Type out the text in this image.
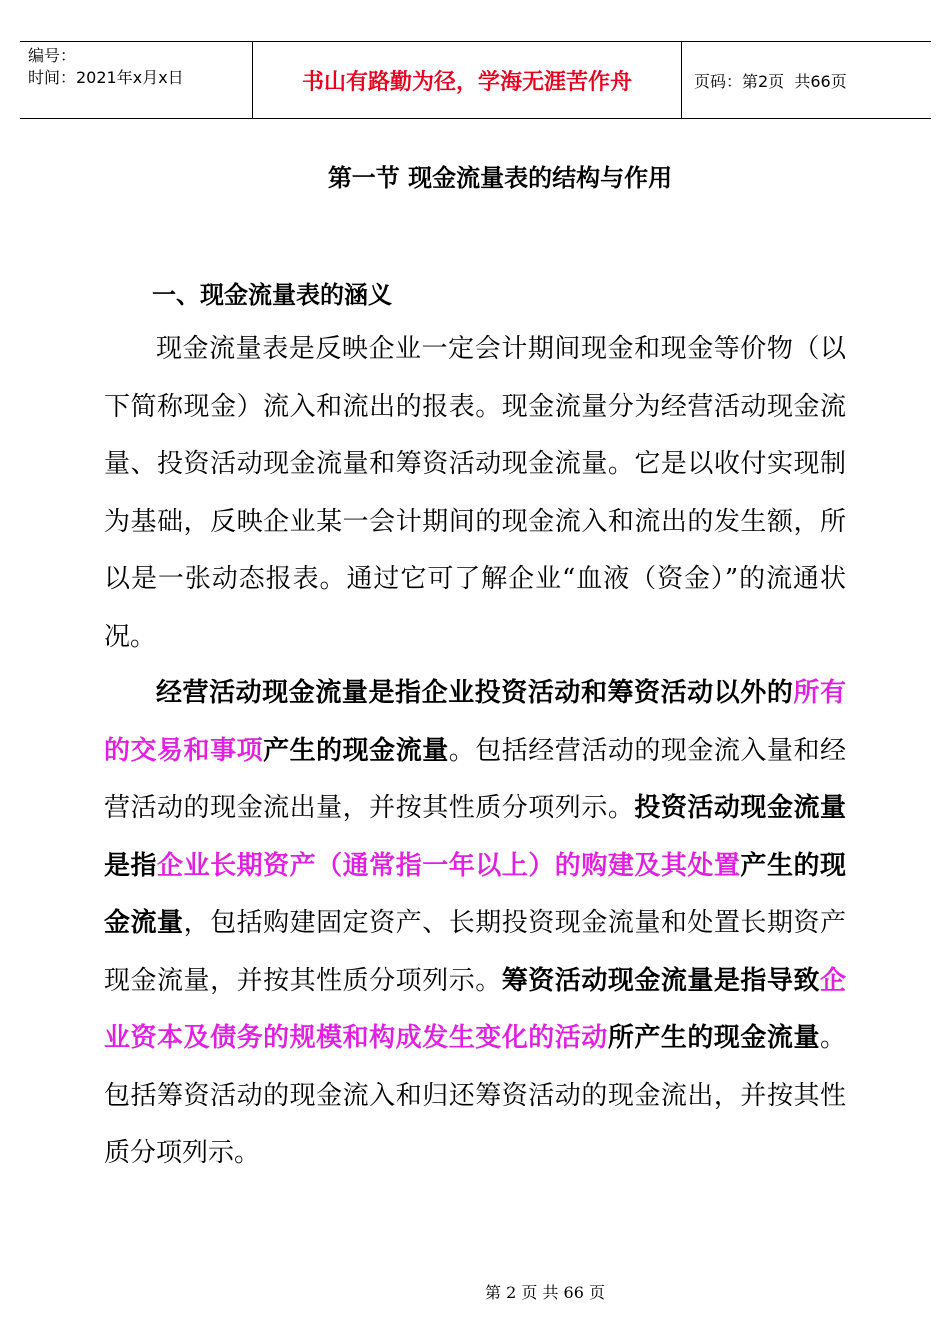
编号：
时间：2021年x月x日	书山有路勤为径，学海无涯苦作舟	页码：第2页  共66页
第一节 现金流量表的结构与作用
一、现金流量表的涵义

现金流量表是反映企业一定会计期间现金和现金等价物（以下简称现金）流入和流出的报表。现金流量分为经营活动现金流量、投资活动现金流量和筹资活动现金流量。它是以收付实现制为基础，反映企业某一会计期间的现金流入和流出的发生额，所以是一张动态报表。通过它可了解企业“血液（资金）”的流通状况。

经营活动现金流量是指企业投资活动和筹资活动以外的所有的交易和事项产生的现金流量。包括经营活动的现金流入量和经营活动的现金流出量，并按其性质分项列示。投资活动现金流量是指企业长期资产（通常指一年以上）的购建及其处置产生的现金流量，包括购建固定资产、长期投资现金流量和处置长期资产现金流量，并按其性质分项列示。筹资活动现金流量是指导致企业资本及债务的规模和构成发生变化的活动所产生的现金流量。包括筹资活动的现金流入和归还筹资活动的现金流出，并按其性质分项列示。

第 2 页 共 66 页
